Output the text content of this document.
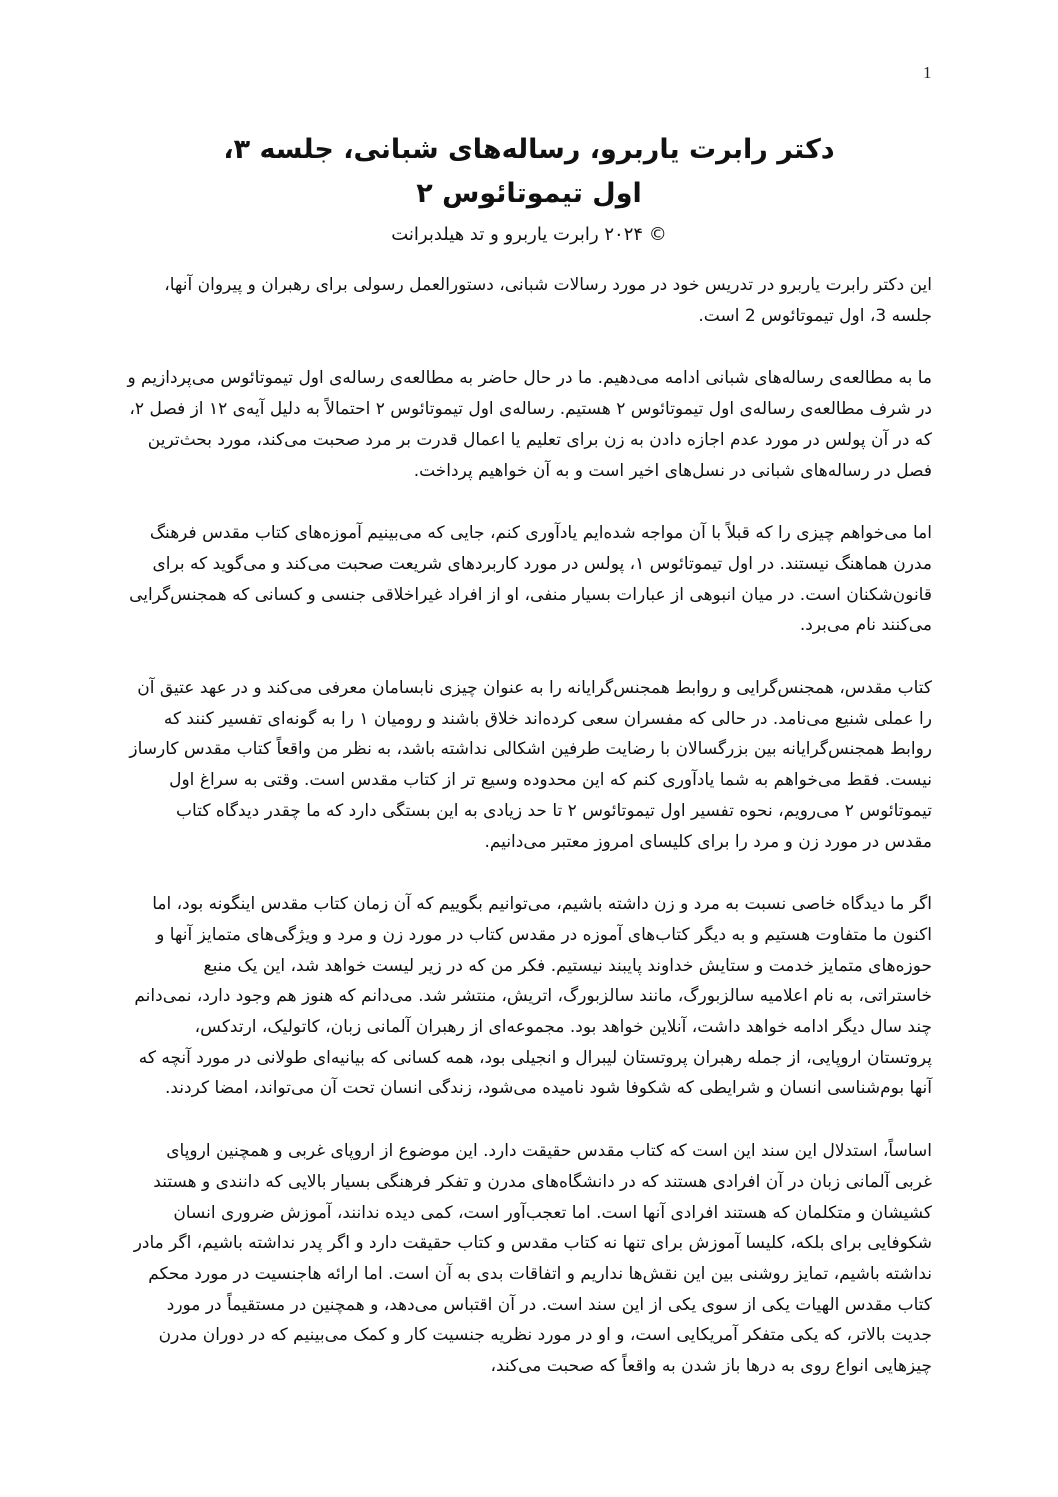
1
دکتر رابرت یاربرو، رساله‌های شبانی، جلسه ۳،
اول تیموتائوس ۲

© ۲۰۲۴ رابرت یاربرو و تد هیلدبرانت

این دکتر رابرت یاربرو در تدریس خود در مورد رسالات شبانی، دستورالعمل رسولی برای رهبران و پیروان آنها، جلسه 3، اول تیموتائوس 2 است.

ما به مطالعه‌ی رساله‌های شبانی ادامه می‌دهیم. ما در حال حاضر به مطالعه‌ی رساله‌ی اول تیموتائوس می‌پردازیم و در شرف مطالعه‌ی رساله‌ی اول تیموتائوس ۲ هستیم. رساله‌ی اول تیموتائوس ۲ احتمالاً به دلیل آیه‌ی ۱۲ از فصل ۲، که در آن پولس در مورد عدم اجازه دادن به زن برای تعلیم یا اعمال قدرت بر مرد صحبت می‌کند، مورد بحث‌ترین فصل در رساله‌های شبانی در نسل‌های اخیر است و به آن خواهیم پرداخت.

اما می‌خواهم چیزی را که قبلاً با آن مواجه شده‌ایم یادآوری کنم، جایی که می‌بینیم آموزه‌های کتاب مقدس فرهنگ مدرن هماهنگ نیستند. در اول تیموتائوس ۱، پولس در مورد کاربردهای شریعت صحبت می‌کند و می‌گوید که برای قانون‌شکنان است. در میان انبوهی از عبارات بسیار منفی، او از افراد غیراخلاقی جنسی و کسانی که همجنس‌گرایی می‌کنند نام می‌برد.

کتاب مقدس، همجنس‌گرایی و روابط همجنس‌گرایانه را به عنوان چیزی نابسامان معرفی می‌کند و در عهد عتیق آن را عملی شنیع می‌نامد. در حالی که مفسران سعی کرده‌اند خلاق باشند و رومیان ۱ را به گونه‌ای تفسیر کنند که روابط همجنس‌گرایانه بین بزرگسالان با رضایت طرفین اشکالی نداشته باشد، به نظر من واقعاً کتاب مقدس کارساز نیست. فقط می‌خواهم به شما یادآوری کنم که این محدوده وسیع تر از کتاب مقدس است. وقتی به سراغ اول تیموتائوس ۲ می‌رویم، نحوه تفسیر اول تیموتائوس ۲ تا حد زیادی به این بستگی دارد که ما چقدر دیدگاه کتاب مقدس در مورد زن و مرد را برای کلیسای امروز معتبر می‌دانیم.

اگر ما دیدگاه خاصی نسبت به مرد و زن داشته باشیم، می‌توانیم بگوییم که آن زمان کتاب مقدس اینگونه بود، اما اکنون ما متفاوت هستیم و به دیگر کتاب‌های آموزه در مقدس کتاب در مورد زن و مرد و ویژگی‌های متمایز آنها و حوزه‌های متمایز خدمت و ستایش خداوند پایبند نیستیم. فکر من که در زیر لیست خواهد شد، این یک منبع خاستراتی، به نام اعلامیه سالزبورگ، مانند سالزبورگ، اتریش، منتشر شد. می‌دانم که هنوز هم وجود دارد، نمی‌دانم چند سال دیگر ادامه خواهد داشت، آنلاین خواهد بود. مجموعه‌ای از رهبران آلمانی زبان، کاتولیک، ارتدکس، پروتستان اروپایی، از جمله رهبران پروتستان لیبرال و انجیلی بود، همه کسانی که بیانیه‌ای طولانی در مورد آنچه که آنها بوم‌شناسی انسان و شرایطی که شکوفا شود نامیده می‌شود، زندگی انسان تحت آن می‌تواند، امضا کردند.

اساساً، استدلال این سند این است که کتاب مقدس حقیقت دارد. این موضوع از اروپای غربی و همچنین اروپای غربی آلمانی زبان در آن افرادی هستند که در دانشگاه‌های مدرن و تفکر فرهنگی بسیار بالایی که دانندی و هستند کشیشان و متکلمان که هستند افرادی آنها است. اما تعجب‌آور است، کمی دیده ندانند، آموزش ضروری انسان شکوفایی برای بلکه، کلیسا آموزش برای تنها نه کتاب مقدس و کتاب حقیقت دارد و اگر پدر نداشته باشیم، اگر مادر نداشته باشیم، تمایز روشنی بین این نقش‌ها نداریم و اتفاقات بدی به آن است. اما ارائه هاجنسیت در مورد محکم کتاب مقدس الهیات یکی از سوی یکی از این سند است. در آن اقتباس می‌دهد، و همچنین در مستقیماً در مورد جدیت بالاتر، که یکی متفکر آمریکایی است، و او در مورد نظریه جنسیت کار و کمک می‌بینیم که در دوران مدرن چیزهایی انواع روی به درها باز شدن به واقعاً که صحبت می‌کند،
